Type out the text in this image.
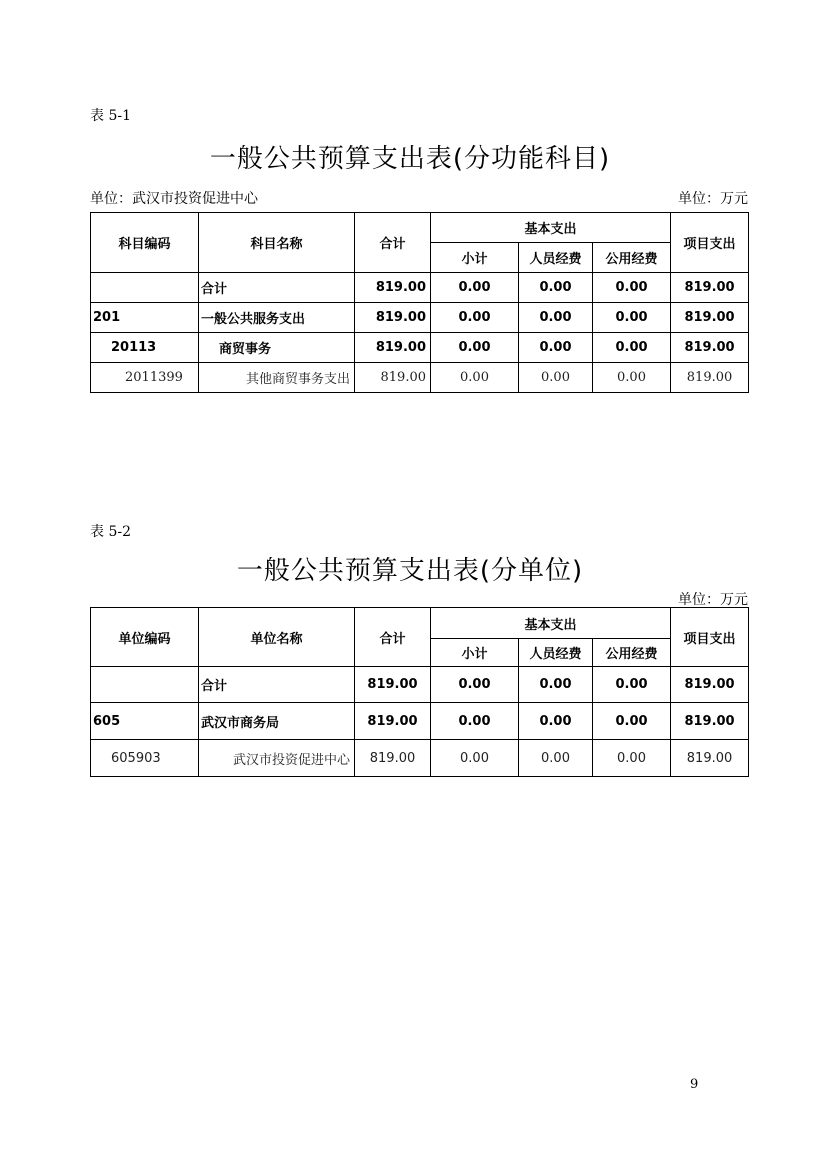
表 5-1
一般公共预算支出表(分功能科目)
单位：武汉市投资促进中心	单位：万元
科目编码	科目名称	合计	基本支出			项目支出
			小计	人员经费	公用经费	
	合计	819.00	0.00	0.00	0.00	819.00
201	一般公共服务支出	819.00	0.00	0.00	0.00	819.00
20113	商贸事务	819.00	0.00	0.00	0.00	819.00
2011399	其他商贸事务支出	819.00	0.00	0.00	0.00	819.00
表 5-2
一般公共预算支出表(分单位)
单位：万元
单位编码	单位名称	合计	基本支出			项目支出
			小计	人员经费	公用经费	
	合计	819.00	0.00	0.00	0.00	819.00
605	武汉市商务局	819.00	0.00	0.00	0.00	819.00
605903	武汉市投资促进中心	819.00	0.00	0.00	0.00	819.00
9
